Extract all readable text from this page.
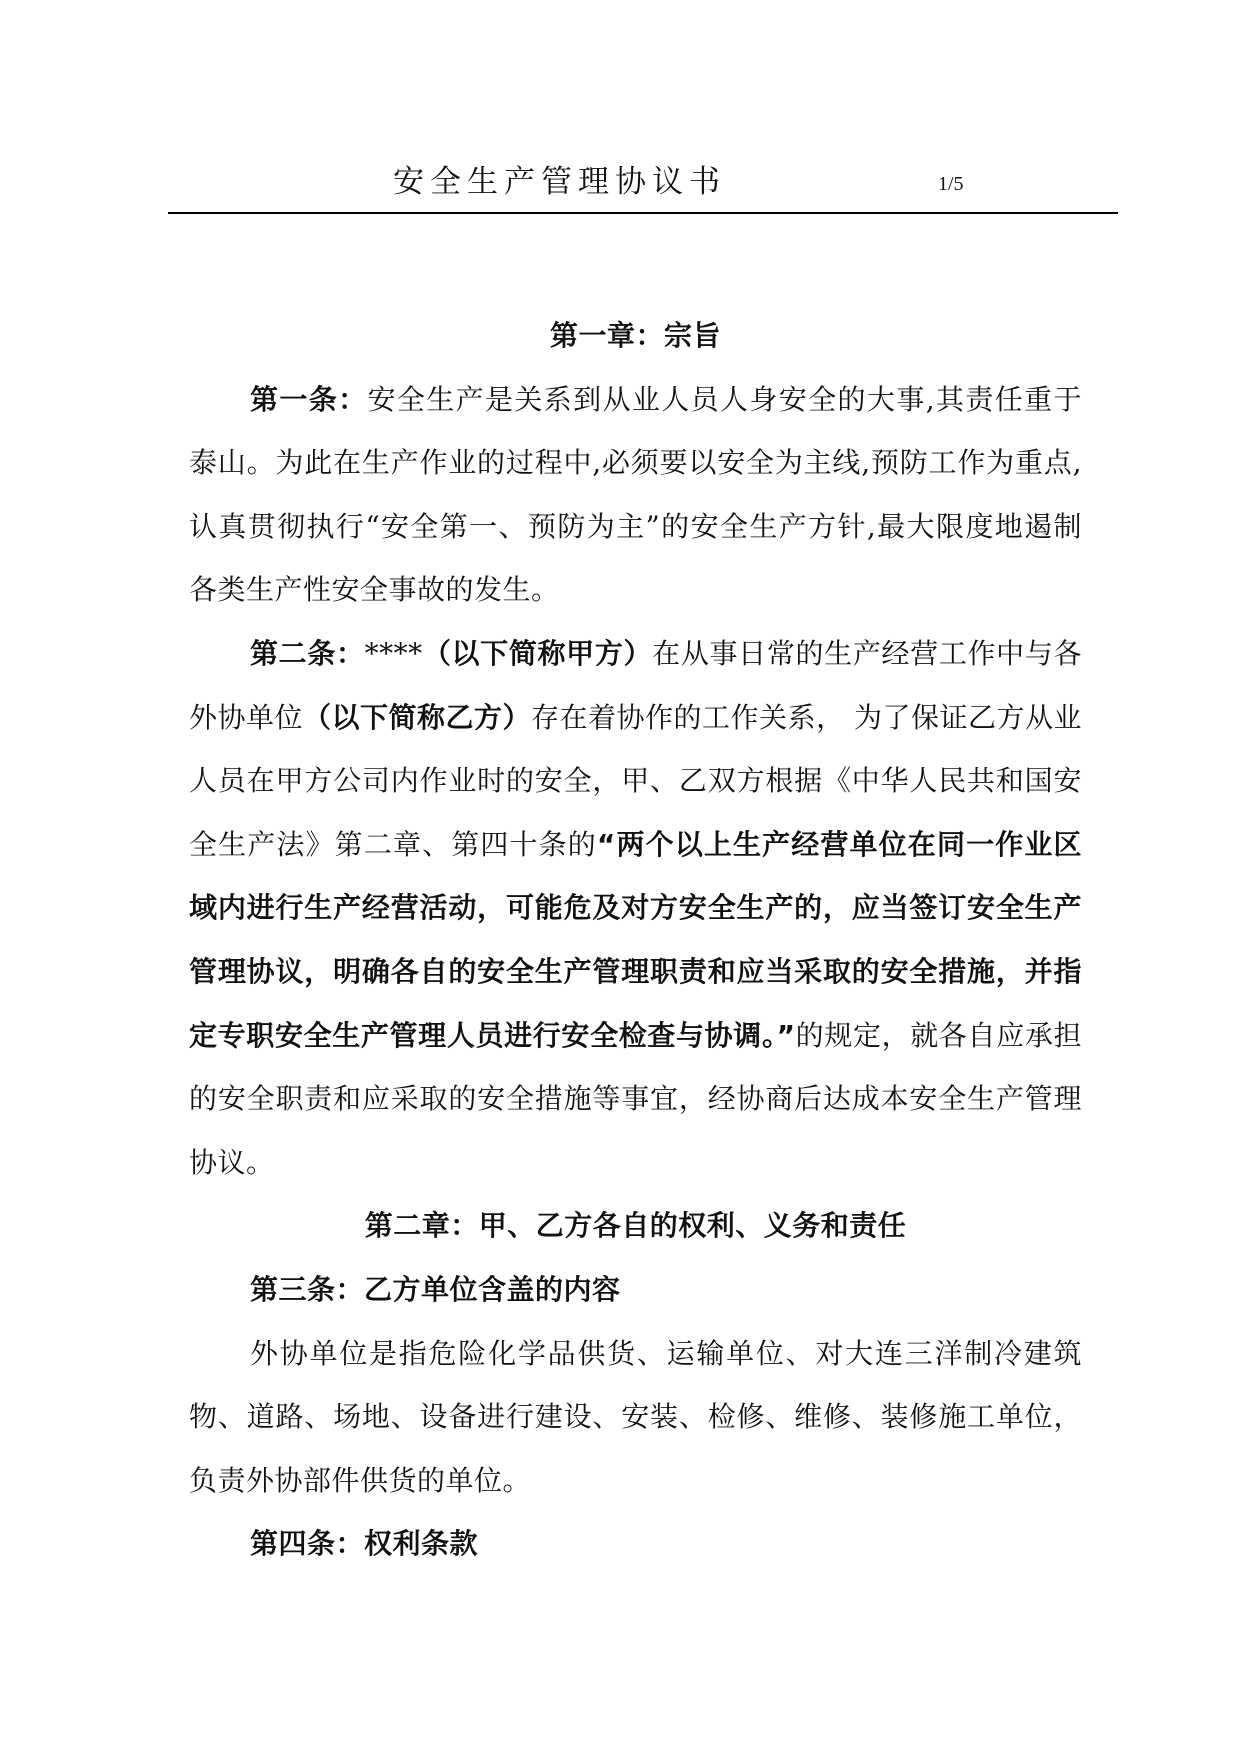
安全生产管理协议书	1/5

第一章：宗旨

第一条：安全生产是关系到从业人员人身安全的大事,其责任重于泰山。为此在生产作业的过程中,必须要以安全为主线,预防工作为重点,认真贯彻执行“安全第一、预防为主”的安全生产方针,最大限度地遏制各类生产性安全事故的发生。

第二条：****（以下简称甲方）在从事日常的生产经营工作中与各外协单位（以下简称乙方）存在着协作的工作关系， 为了保证乙方从业人员在甲方公司内作业时的安全，甲、乙双方根据《中华人民共和国安全生产法》第二章、第四十条的“两个以上生产经营单位在同一作业区域内进行生产经营活动，可能危及对方安全生产的，应当签订安全生产管理协议，明确各自的安全生产管理职责和应当采取的安全措施，并指定专职安全生产管理人员进行安全检查与协调。”的规定，就各自应承担的安全职责和应采取的安全措施等事宜，经协商后达成本安全生产管理协议。

第二章：甲、乙方各自的权利、义务和责任

第三条：乙方单位含盖的内容

外协单位是指危险化学品供货、运输单位、对大连三洋制冷建筑物、道路、场地、设备进行建设、安装、检修、维修、装修施工单位，负责外协部件供货的单位。

第四条：权利条款
